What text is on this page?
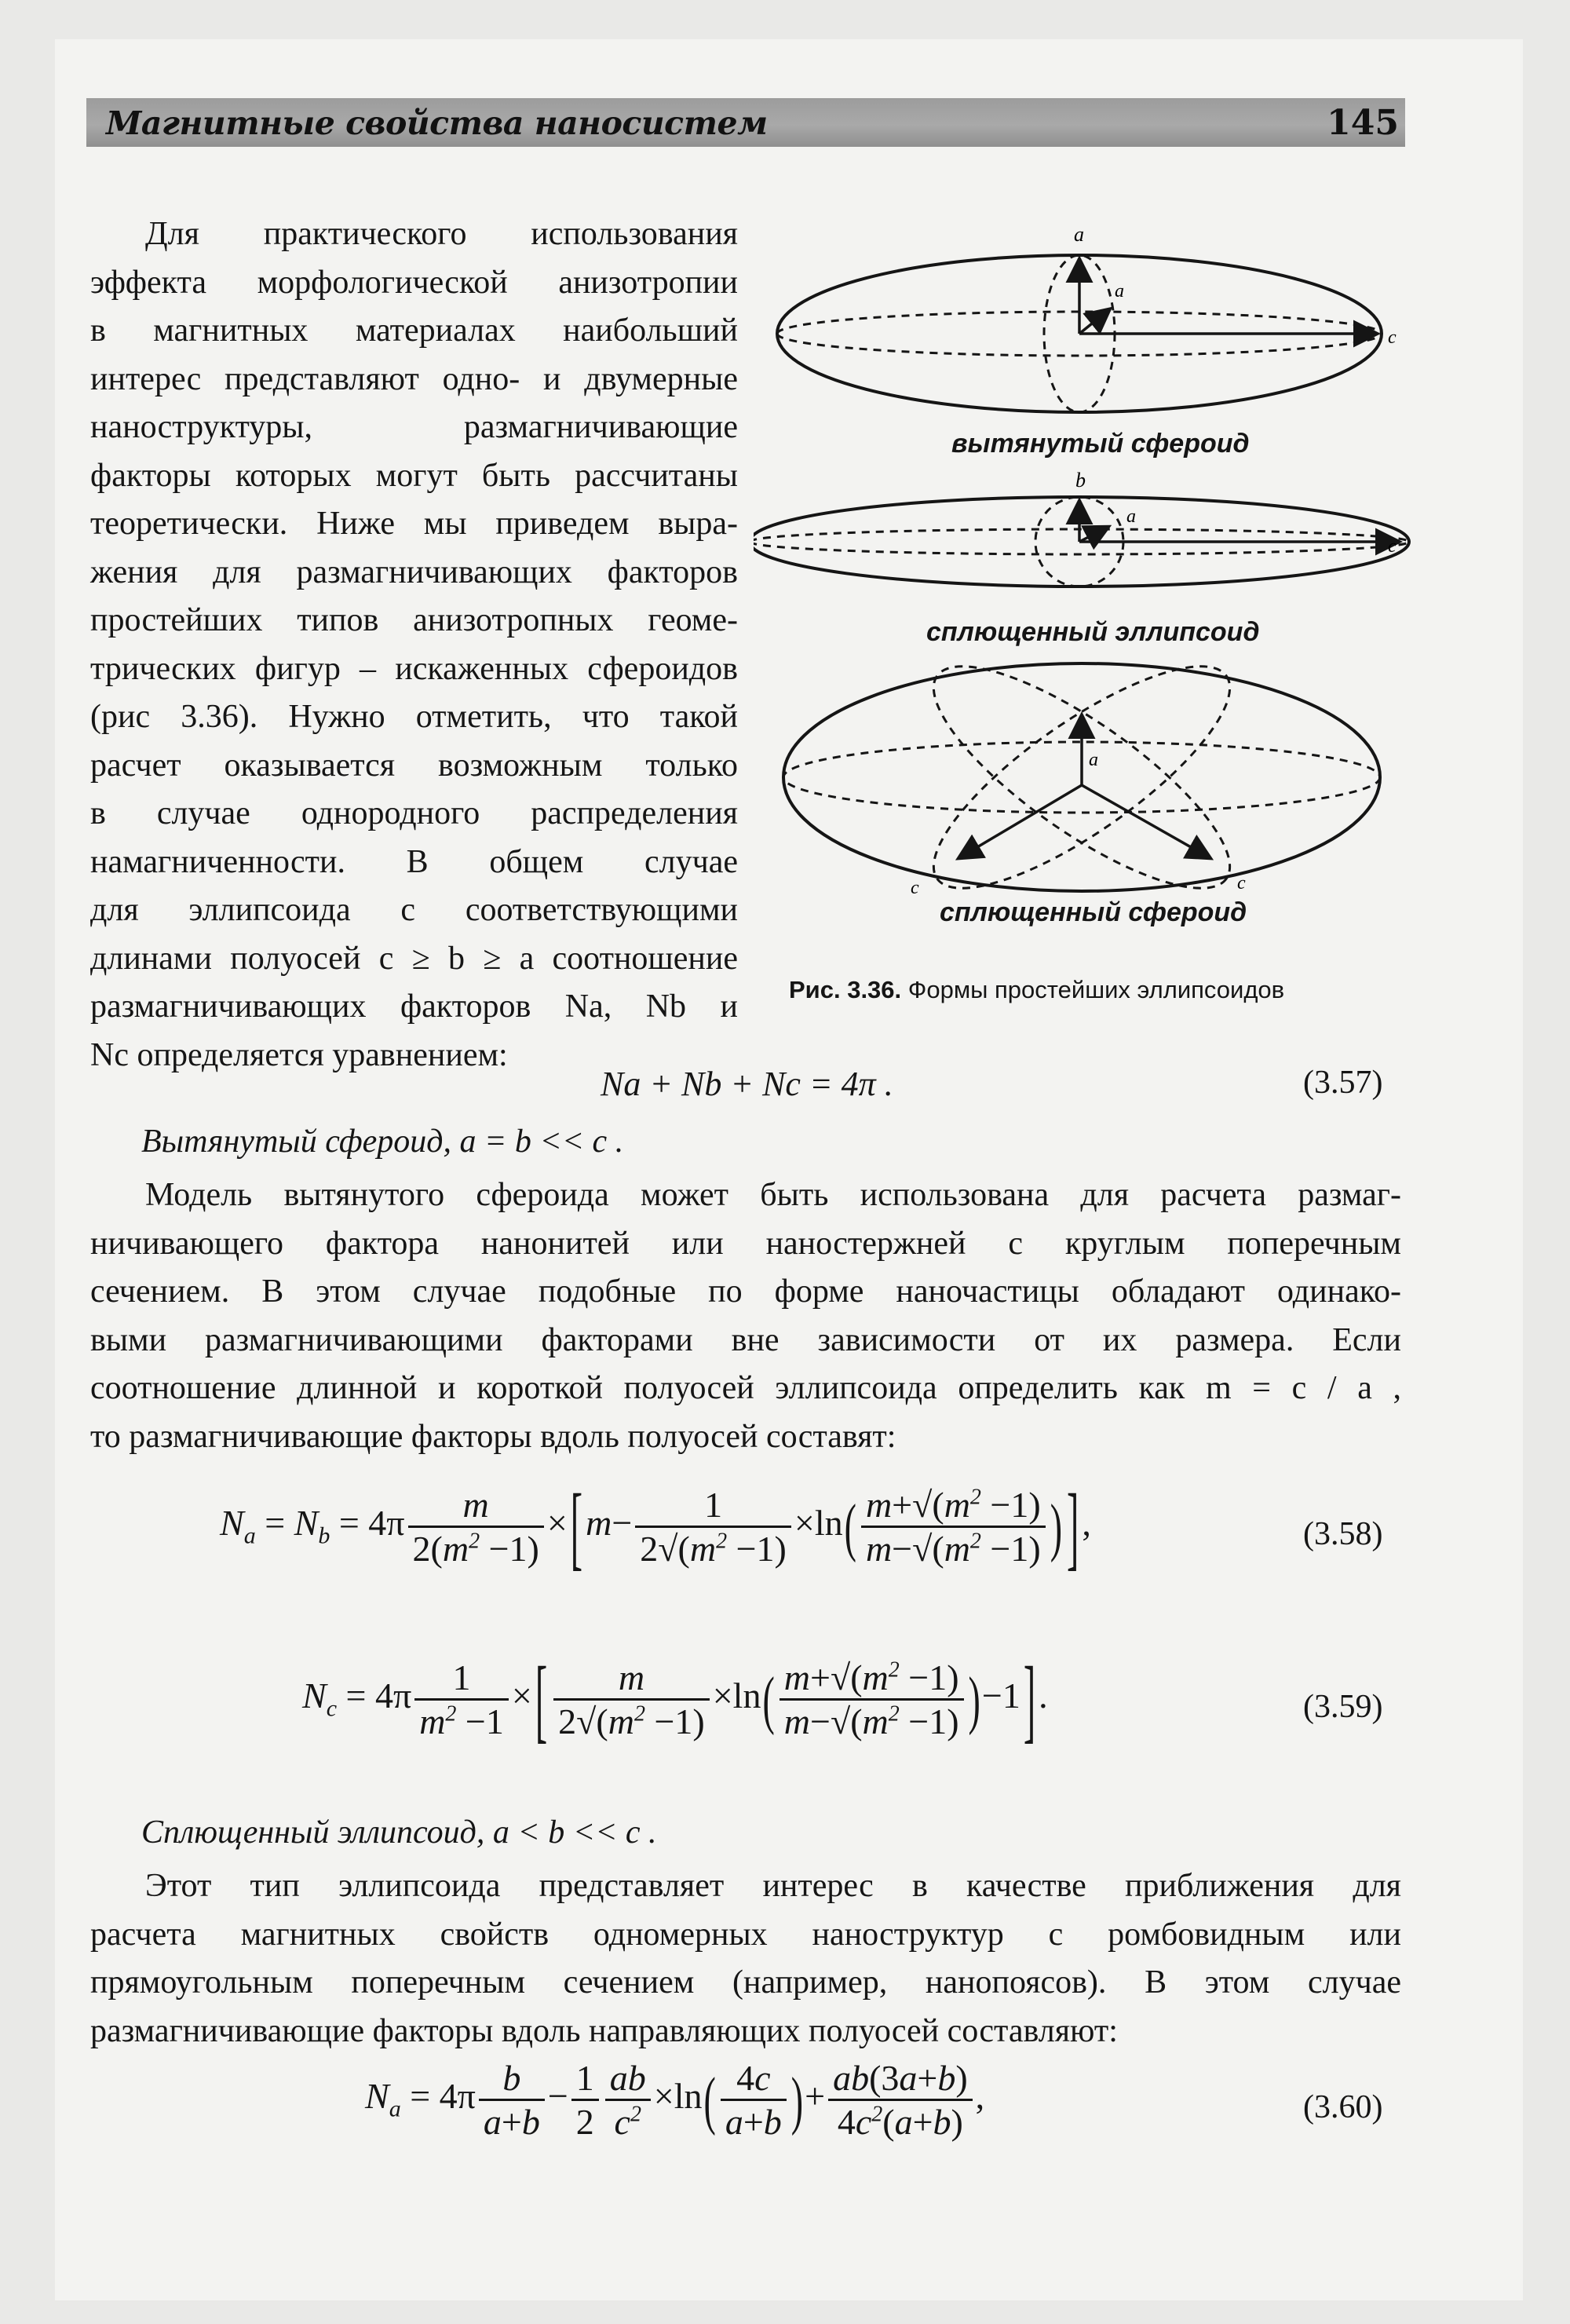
Магнитные свойства наносистем	145
Для практического использования
эффекта морфологической анизотропии
в магнитных материалах наибольший
интерес представляют одно- и двумерные
наноструктуры, размагничивающие
факторы которых могут быть рассчитаны
теоретически. Ниже мы приведем выра-
жения для размагничивающих факторов
простейших типов анизотропных геоме-
трических фигур – искаженных сфероидов
(рис 3.36). Нужно отметить, что такой
расчет оказывается возможным только
в случае однородного распределения
намагниченности. В общем случае
для эллипсоида с соответствующими
длинами полуосей c ≥ b ≥ a соотношение
размагничивающих факторов Na, Nb и
Nc определяется уравнением:
a
a
c
b
a
c
a
c	c
вытянутый сфероид
сплющенный эллипсоид
сплющенный сфероид
Рис. 3.36. Формы простейших эллипсоидов
Na + Nb + Nc = 4π .	(3.57)
Вытянутый сфероид, a = b << c .
Модель вытянутого сфероида может быть использована для расчета размаг-
ничивающего фактора нанонитей или наностержней с круглым поперечным
сечением. В этом случае подобные по форме наночастицы обладают одинако-
выми размагничивающими факторами вне зависимости от их размера. Если
соотношение длинной и короткой полуосей эллипсоида определить как m = c / a ,
то размагничивающие факторы вдоль полуосей составят:
$N_a = N_b = 4\pi \frac{m}{2(m^2 -1)} \times[m- \frac{1}{2√(m^2 -1)} \times\ln( \frac{m+√(m^2 -1)}{m-√(m^2 -1)}$ ) ],	(3.58)
$N_c = 4\pi \frac{1}{m^2 -1}$ ×[ $\frac{m}{2√(m^2 -1)} \times\ln( \frac{m+√(m^2 -1)}{m-√(m^2 -1)} )-1$].	(3.59)
Сплющенный эллипсоид, a < b << c .
Этот тип эллипсоида представляет интерес в качестве приближения для
расчета магнитных свойств одномерных наноструктур с ромбовидным или
прямоугольным поперечным сечением (например, нанопоясов). В этом случае
размагничивающие факторы вдоль направляющих полуосей составляют:
$N_a = 4\pi \frac{b}{a+b} - \frac{1}{2} \frac{ab}{c^2} \times\ln( \frac{4c}{a+b}$ )+ $\frac{ab(3a+b)}{4c^2(a+b)}$ ,	(3.60)
